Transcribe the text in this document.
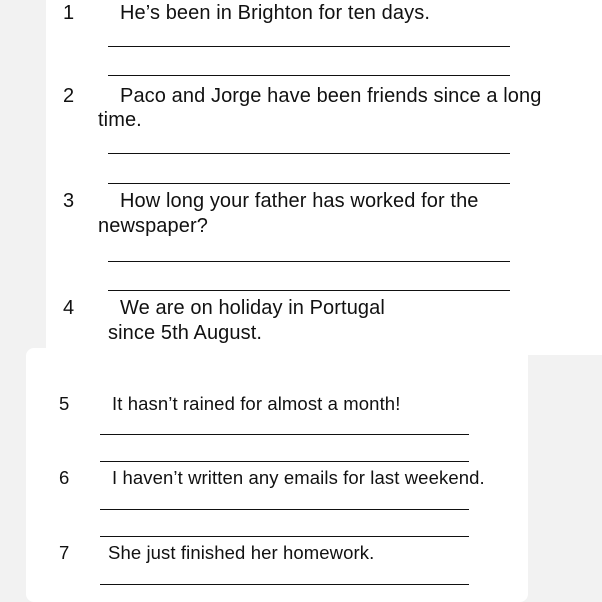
1 He’s been in Brighton for ten days.
2 Paco and Jorge have been friends since a long
time.
3 How long your father has worked for the
newspaper?
4 We are on holiday in Portugal
since 5th August.
5 It hasn’t rained for almost a month!
6 I haven’t written any emails for last weekend.
7 She just finished her homework.
